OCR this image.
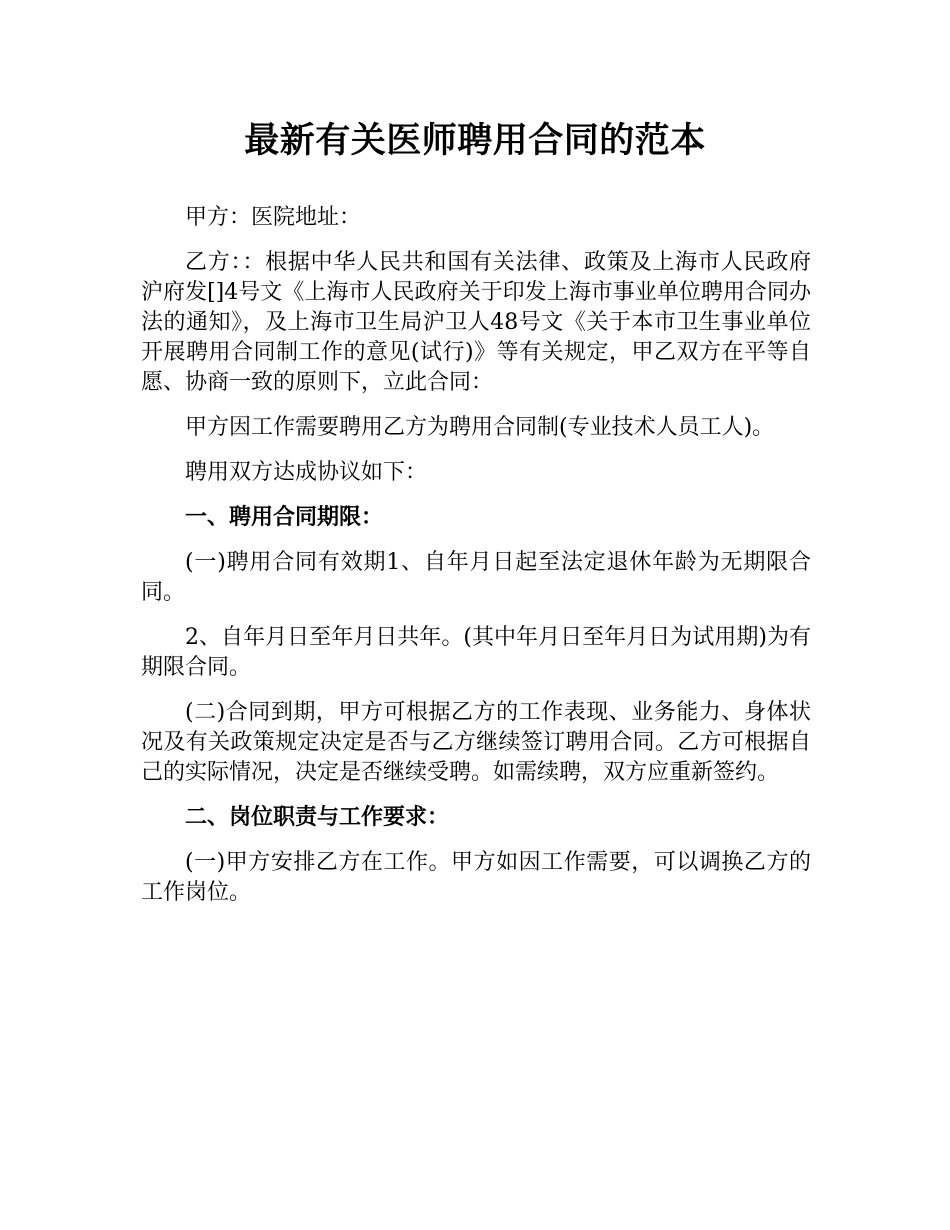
最新有关医师聘用合同的范本

甲方：医院地址：

乙方：：根据中华人民共和国有关法律、政策及上海市人民政府沪府发[]4号文《上海市人民政府关于印发上海市事业单位聘用合同办法的通知》，及上海市卫生局沪卫人48号文《关于本市卫生事业单位开展聘用合同制工作的意见(试行)》等有关规定，甲乙双方在平等自愿、协商一致的原则下，立此合同：

甲方因工作需要聘用乙方为聘用合同制(专业技术人员工人)。

聘用双方达成协议如下：

一、聘用合同期限：

(一)聘用合同有效期1、自年月日起至法定退休年龄为无期限合同。

2、自年月日至年月日共年。(其中年月日至年月日为试用期)为有期限合同。

(二)合同到期，甲方可根据乙方的工作表现、业务能力、身体状况及有关政策规定决定是否与乙方继续签订聘用合同。乙方可根据自己的实际情况，决定是否继续受聘。如需续聘，双方应重新签约。

二、岗位职责与工作要求：

(一)甲方安排乙方在工作。甲方如因工作需要，可以调换乙方的工作岗位。
